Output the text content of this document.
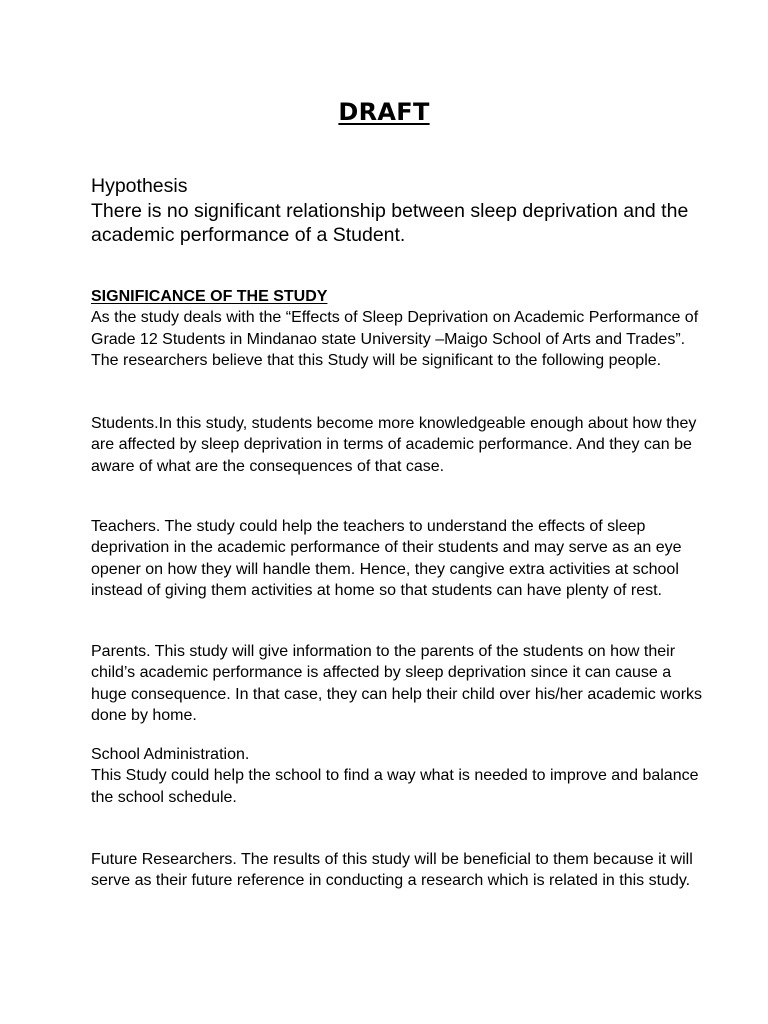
DRAFT

Hypothesis

There is no significant relationship between sleep deprivation and the academic performance of a Student.

SIGNIFICANCE OF THE STUDY

As the study deals with the “Effects of Sleep Deprivation on Academic Performance of Grade 12 Students in Mindanao state University –Maigo School of Arts and Trades”. The researchers believe that this Study will be significant to the following people.

Students.In this study, students become more knowledgeable enough about how they are affected by sleep deprivation in terms of academic performance. And they can be aware of what are the consequences of that case.

Teachers. The study could help the teachers to understand the effects of sleep deprivation in the academic performance of their students and may serve as an eye opener on how they will handle them. Hence, they cangive extra activities at school instead of giving them activities at home so that students can have plenty of rest.

Parents. This study will give information to the parents of the students on how their child’s academic performance is affected by sleep deprivation since it can cause a huge consequence. In that case, they can help their child over his/her academic works done by home.

School Administration.

This Study could help the school to find a way what is needed to improve and balance the school schedule.

Future Researchers. The results of this study will be beneficial to them because it will serve as their future reference in conducting a research which is related in this study.
